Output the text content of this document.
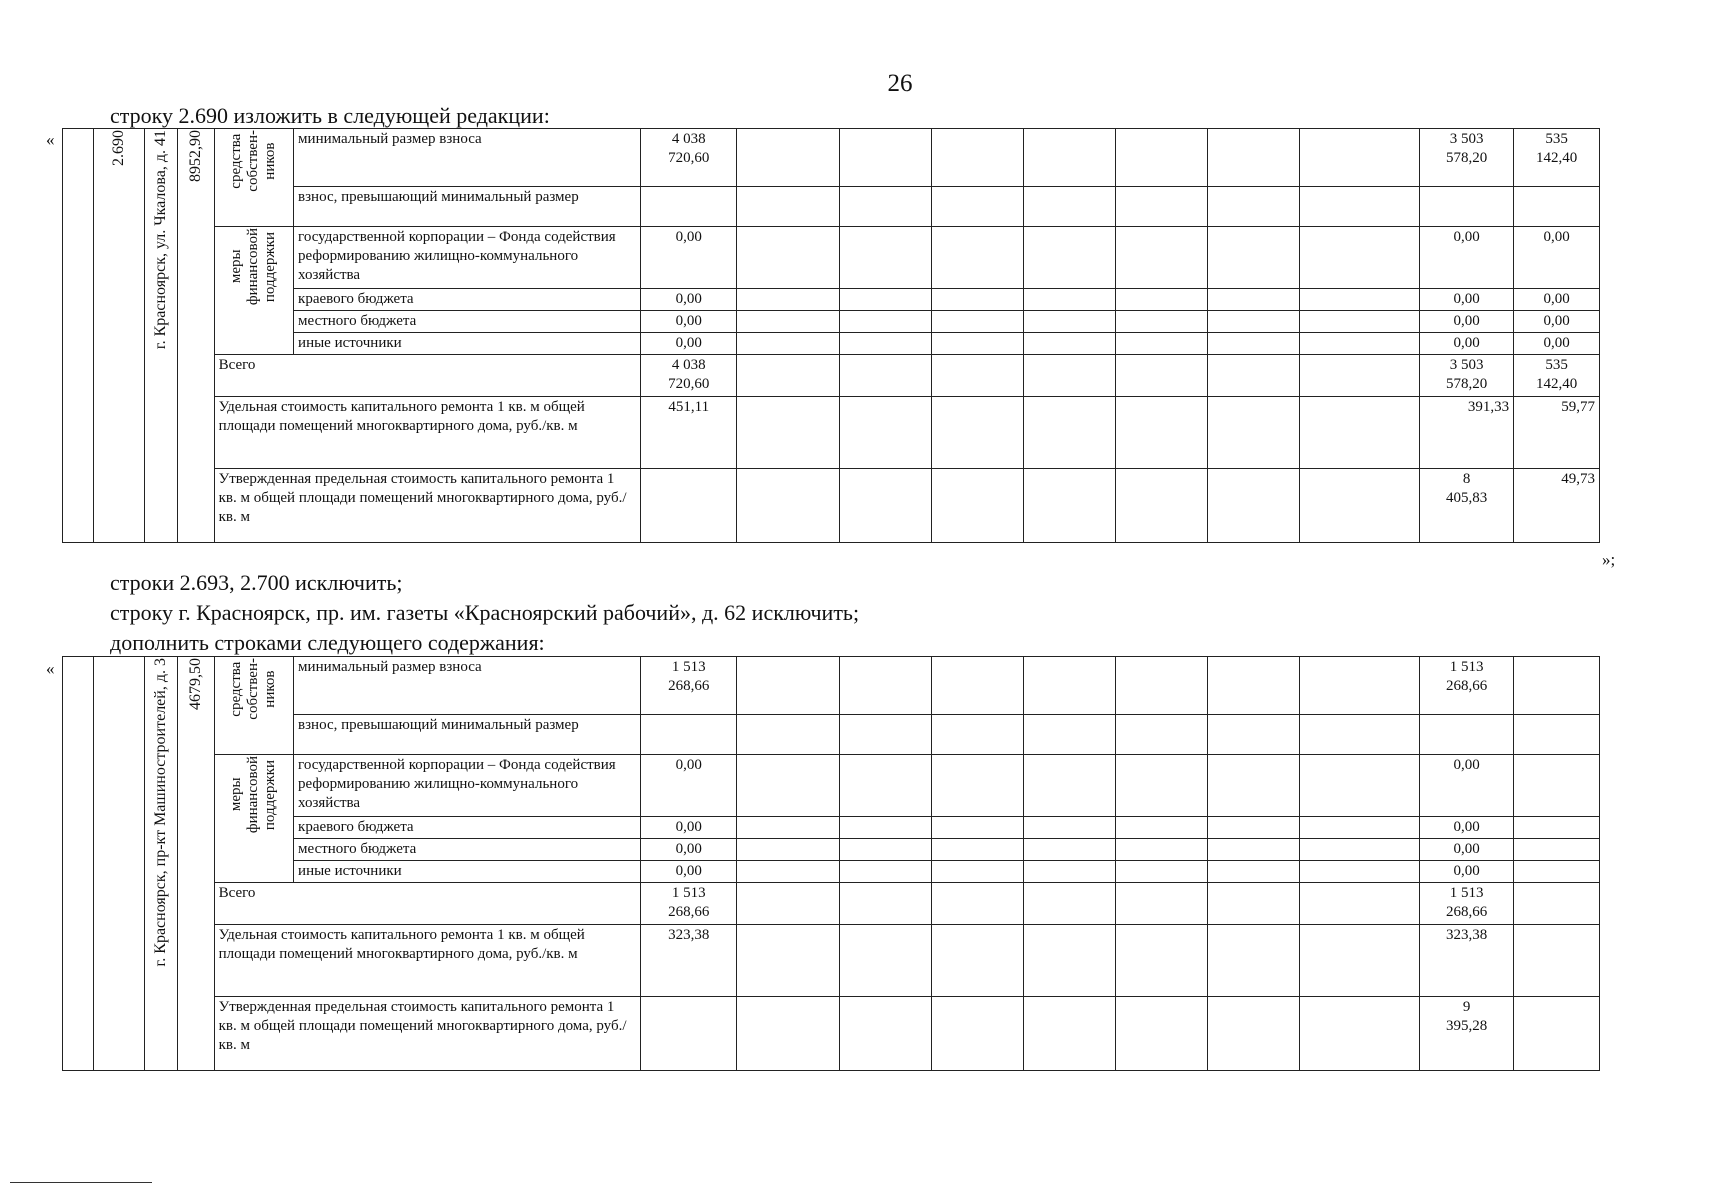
26
строку 2.690 изложить в следующей редакции:
«
		2.690	г. Красноярск, ул. Чкалова, д. 41	8952,90	средства
собствен-
ников	минимальный размер взноса	4 038
720,60								3 503
578,20	535
142,40
					взнос, превышающий минимальный размер										
				меры
финансовой
поддержки	государственной корпорации – Фонда содействия реформированию жилищно-коммунального хозяйства	0,00								0,00	0,00
					краевого бюджета	0,00								0,00	0,00
					местного бюджета	0,00								0,00	0,00
					иные источники	0,00								0,00	0,00
				Всего		4 038
720,60								3 503
578,20	535
142,40
				Удельная стоимость капитального ремонта 1 кв. м общей площади помещений многоквартирного дома, руб./кв. м		451,11								391,33	59,77
				Утвержденная предельная стоимость капитального ремонта 1 кв. м общей площади помещений многоквартирного дома, руб./кв. м										8
405,83	49,73
»;
строки 2.693, 2.700 исключить;
строку г. Красноярск, пр. им. газеты «Красноярский рабочий», д. 62 исключить;
дополнить строками следующего содержания:
«
			г. Красноярск, пр-кт Машиностроителей, д. 3	4679,50	средства
собствен-
ников	минимальный размер взноса	1 513
268,66								1 513
268,66	
					взнос, превышающий минимальный размер										
				меры
финансовой
поддержки	государственной корпорации – Фонда содействия реформированию жилищно-коммунального хозяйства	0,00								0,00	
					краевого бюджета	0,00								0,00	
					местного бюджета	0,00								0,00	
					иные источники	0,00								0,00	
				Всего		1 513
268,66								1 513
268,66	
				Удельная стоимость капитального ремонта 1 кв. м общей площади помещений многоквартирного дома, руб./кв. м		323,38								323,38	
				Утвержденная предельная стоимость капитального ремонта 1 кв. м общей площади помещений многоквартирного дома, руб./кв. м										9
395,28	
